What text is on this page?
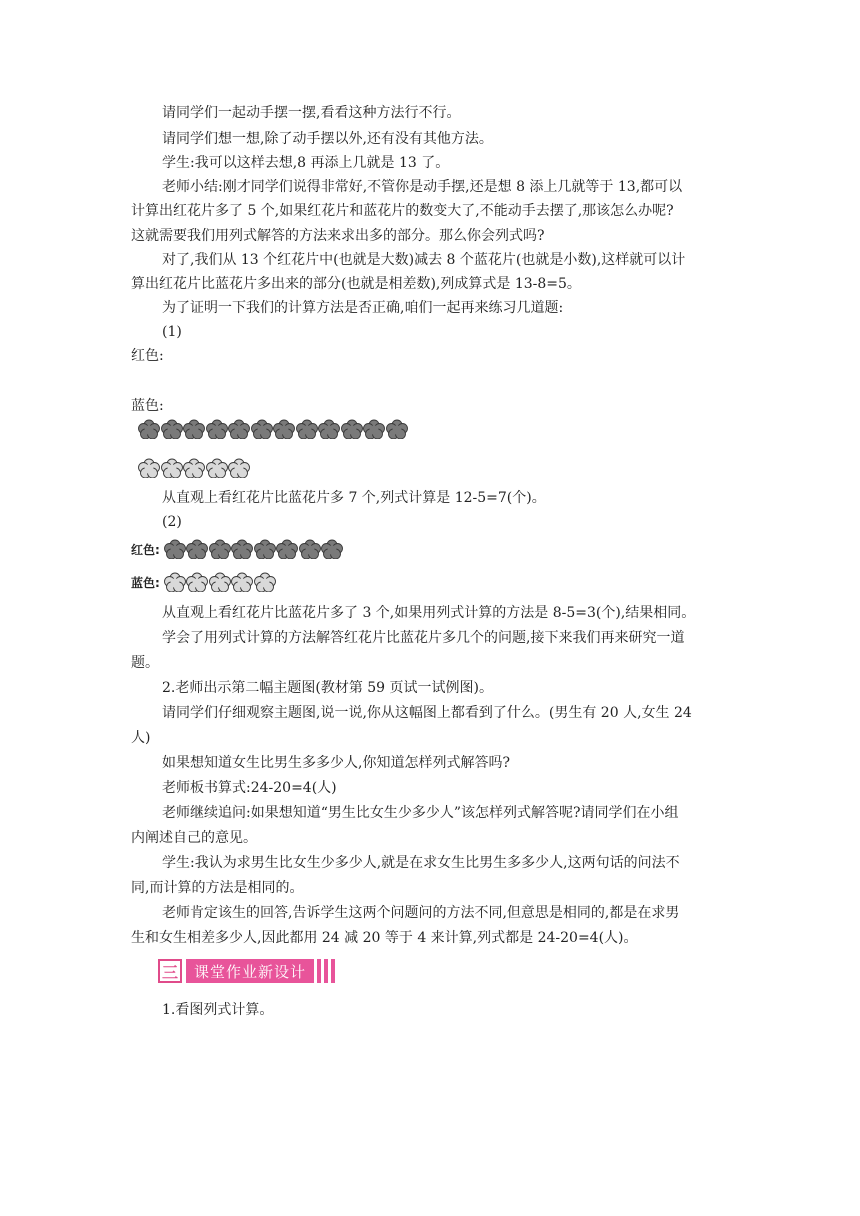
请同学们一起动手摆一摆,看看这种方法行不行。
请同学们想一想,除了动手摆以外,还有没有其他方法。
学生:我可以这样去想,8 再添上几就是 13 了。
老师小结:刚才同学们说得非常好,不管你是动手摆,还是想 8 添上几就等于 13,都可以
计算出红花片多了 5 个,如果红花片和蓝花片的数变大了,不能动手去摆了,那该怎么办呢?
这就需要我们用列式解答的方法来求出多的部分。那么你会列式吗?
对了,我们从 13 个红花片中(也就是大数)减去 8 个蓝花片(也就是小数),这样就可以计
算出红花片比蓝花片多出来的部分(也就是相差数),列成算式是 13-8=5。
为了证明一下我们的计算方法是否正确,咱们一起再来练习几道题:
(1)
红色:
蓝色:
从直观上看红花片比蓝花片多 7 个,列式计算是 12-5=7(个)。
(2)
红色:
蓝色:
从直观上看红花片比蓝花片多了 3 个,如果用列式计算的方法是 8-5=3(个),结果相同。
学会了用列式计算的方法解答红花片比蓝花片多几个的问题,接下来我们再来研究一道
题。
2.老师出示第二幅主题图(教材第 59 页试一试例图)。
请同学们仔细观察主题图,说一说,你从这幅图上都看到了什么。(男生有 20 人,女生 24
人)
如果想知道女生比男生多多少人,你知道怎样列式解答吗?
老师板书算式:24-20=4(人)
老师继续追问:如果想知道“男生比女生少多少人”该怎样列式解答呢?请同学们在小组
内阐述自己的意见。
学生:我认为求男生比女生少多少人,就是在求女生比男生多多少人,这两句话的问法不
同,而计算的方法是相同的。
老师肯定该生的回答,告诉学生这两个问题问的方法不同,但意思是相同的,都是在求男
生和女生相差多少人,因此都用 24 减 20 等于 4 来计算,列式都是 24-20=4(人)。
三	课堂作业新设计
1.看图列式计算。
